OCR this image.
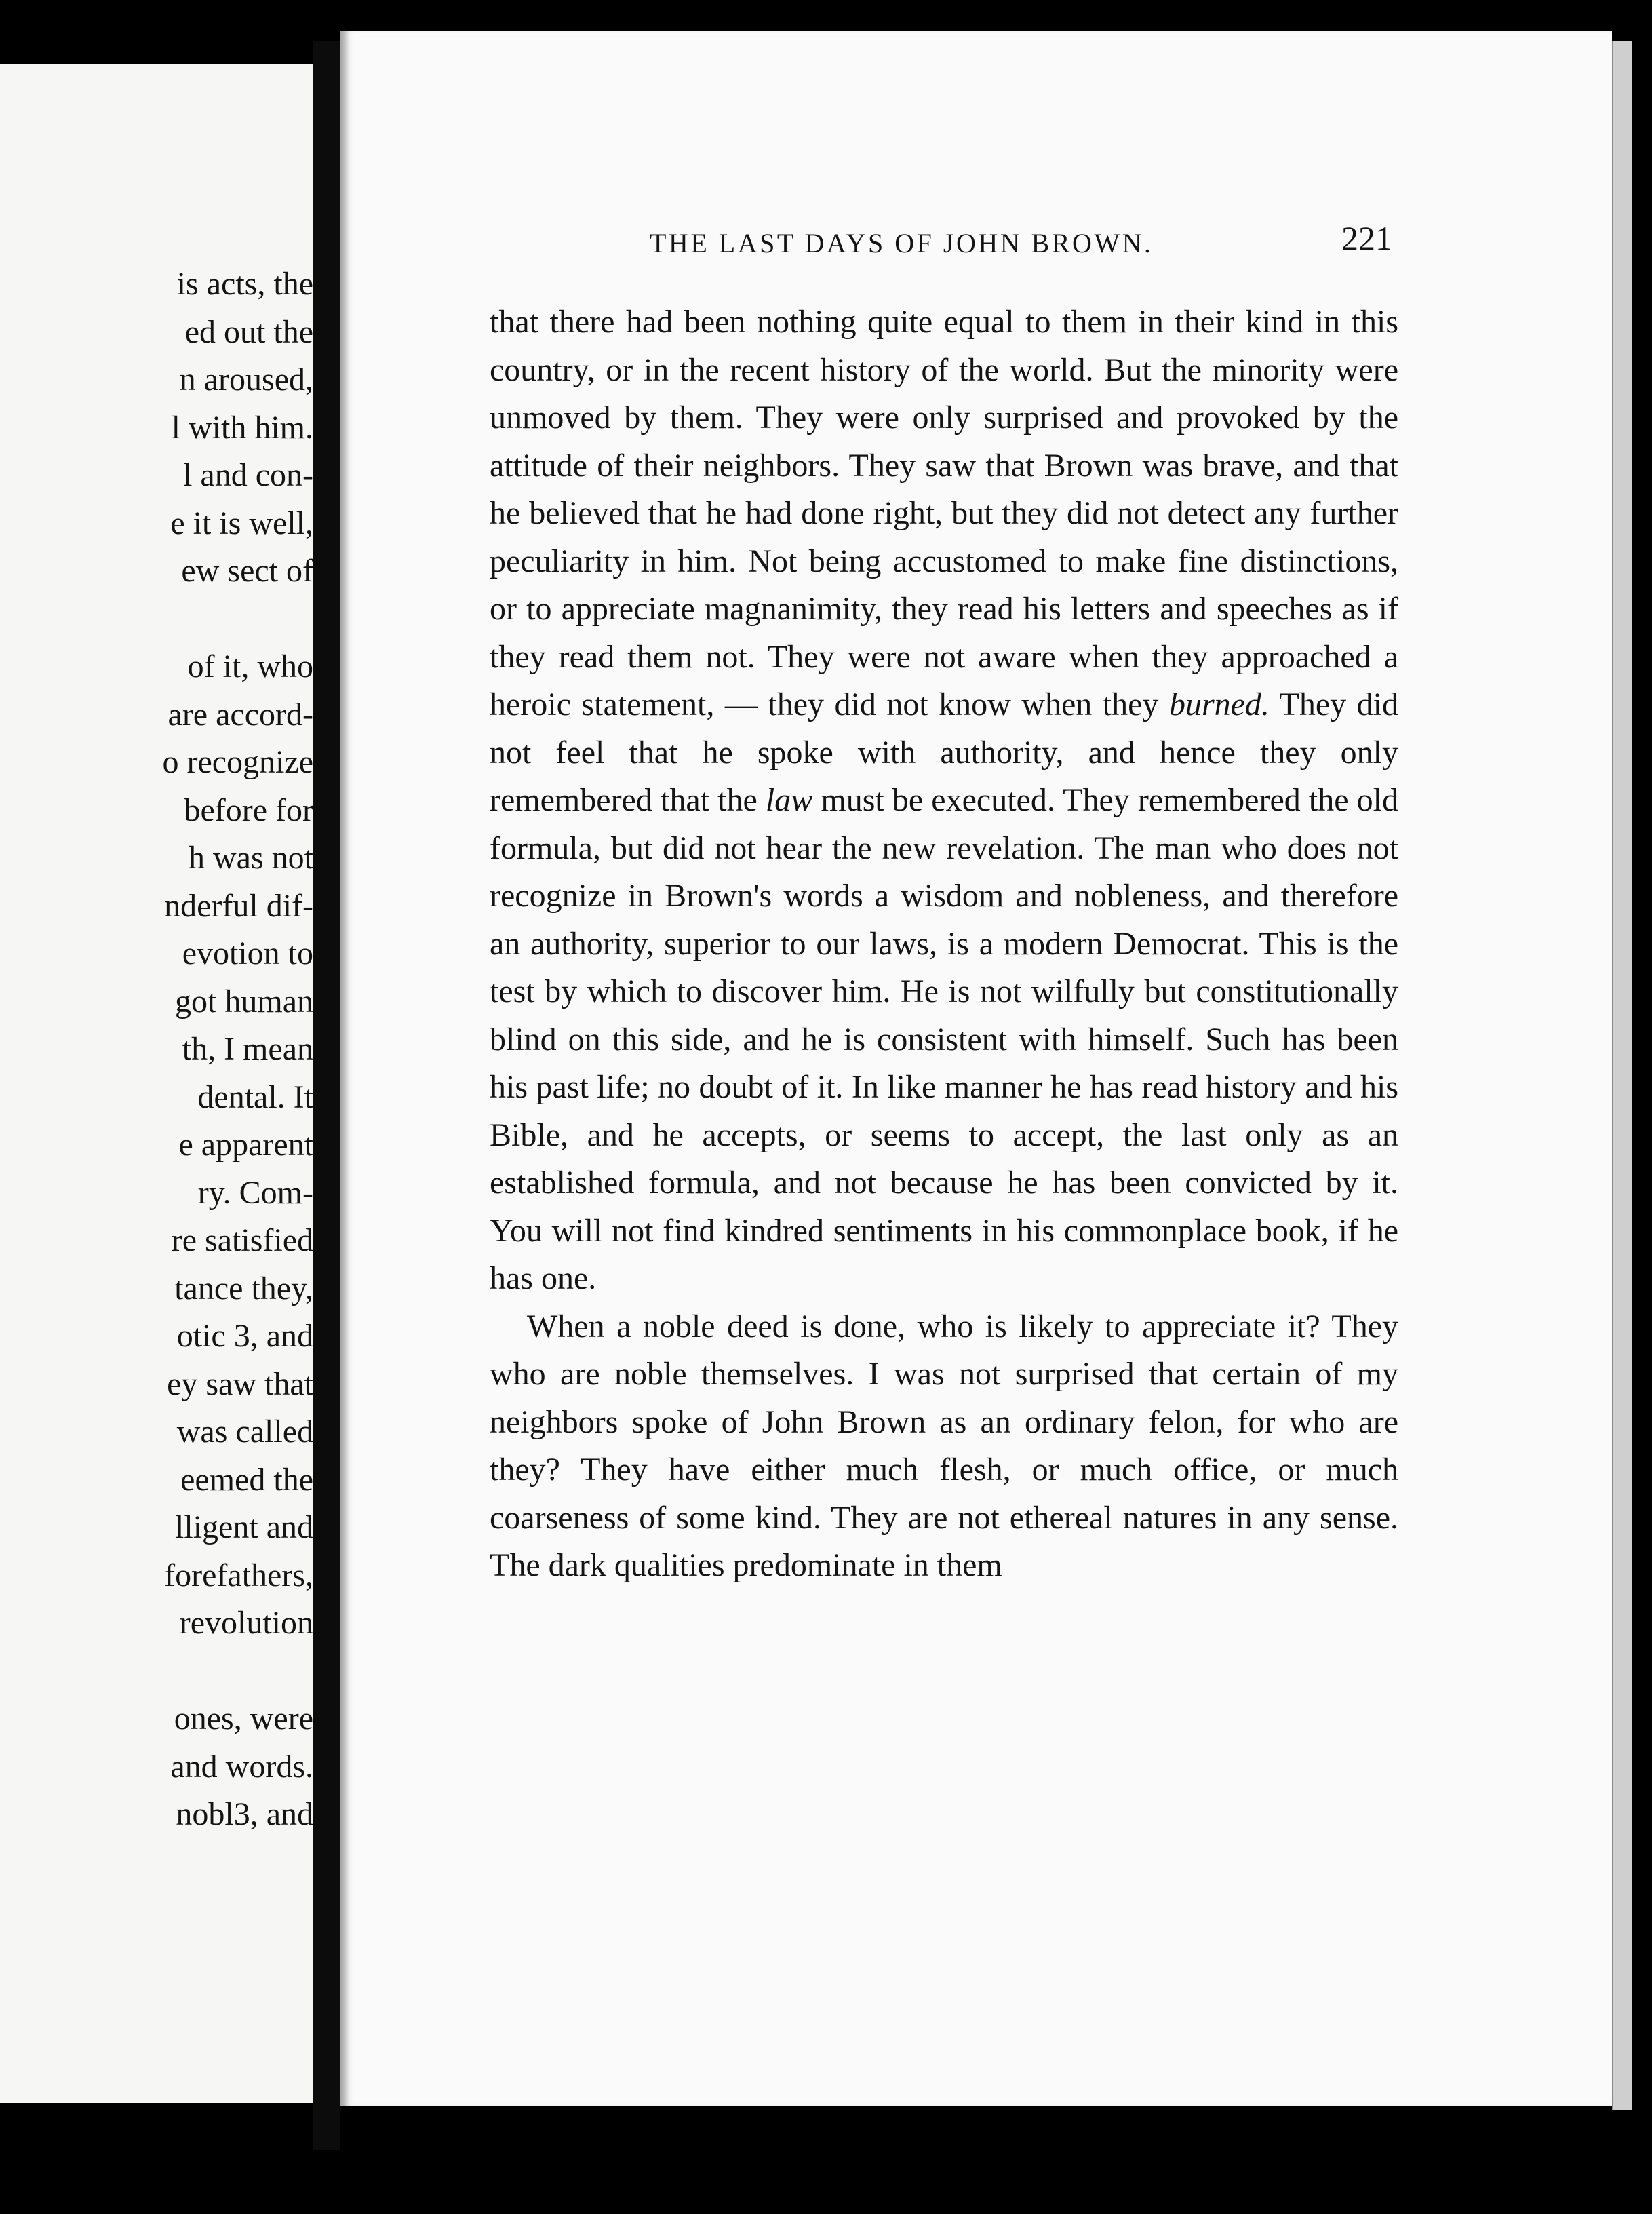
is acts, the
ed out the
n aroused,
l with him.
l and con-
e it is well,
ew sect of
of it, who
are accord-
o recognize
before for
h was not
nderful dif-
evotion to
got human
th, I mean
dental. It
e apparent
ry. Com-
re satisfied
tance they,
otic 3, and
ey saw that
was called
eemed the
lligent and
forefathers,
revolution
ones, were
and words.
nobl3, and
THE LAST DAYS OF JOHN BROWN.	221

that there had been nothing quite equal to them in their kind in this country, or in the recent history of the world. But the minority were unmoved by them. They were only surprised and provoked by the attitude of their neighbors. They saw that Brown was brave, and that he believed that he had done right, but they did not detect any further peculiarity in him. Not being accustomed to make fine distinctions, or to appreciate magnanimity, they read his letters and speeches as if they read them not. They were not aware when they approached a heroic statement, — they did not know when they burned. They did not feel that he spoke with authority, and hence they only remembered that the law must be executed. They remembered the old formula, but did not hear the new revelation. The man who does not recognize in Brown's words a wisdom and nobleness, and therefore an authority, superior to our laws, is a modern Democrat. This is the test by which to discover him. He is not wilfully but constitutionally blind on this side, and he is consistent with himself. Such has been his past life; no doubt of it. In like manner he has read history and his Bible, and he accepts, or seems to accept, the last only as an established formula, and not because he has been convicted by it. You will not find kindred sentiments in his commonplace book, if he has one.

When a noble deed is done, who is likely to appreciate it? They who are noble themselves. I was not surprised that certain of my neighbors spoke of John Brown as an ordinary felon, for who are they? They have either much flesh, or much office, or much coarseness of some kind. They are not ethereal natures in any sense. The dark qualities predominate in them
